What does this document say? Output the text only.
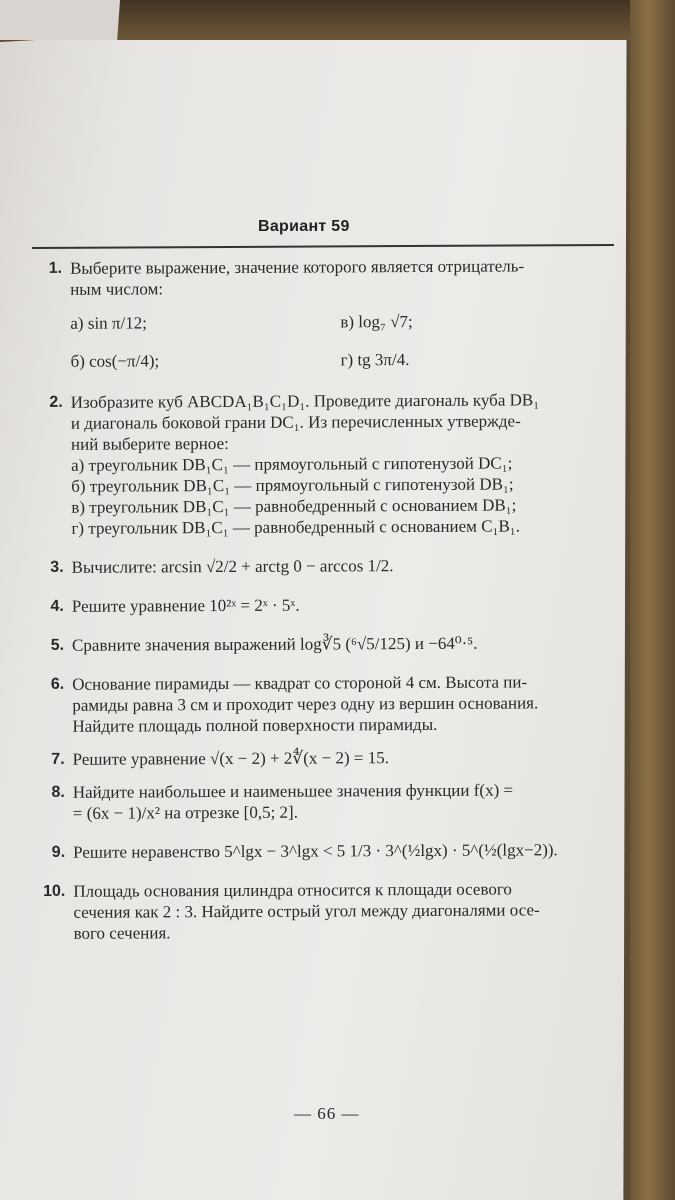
Вариант 59
1. Выберите выражение, значение которого является отрицатель-
ным числом:
а) sin π/12;	в) log₇ √7;
б) cos(−π/4);	г) tg 3π/4.
2. Изобразите куб ABCDA₁B₁C₁D₁. Проведите диагональ куба DB₁
и диагональ боковой грани DC₁. Из перечисленных утвержде-
ний выберите верное:
а) треугольник DB₁C₁ — прямоугольный с гипотенузой DC₁;
б) треугольник DB₁C₁ — прямоугольный с гипотенузой DB₁;
в) треугольник DB₁C₁ — равнобедренный с основанием DB₁;
г) треугольник DB₁C₁ — равнобедренный с основанием C₁B₁.
3. Вычислите: arcsin √2/2 + arctg 0 − arccos 1/2.
4. Решите уравнение 10²ˣ = 2ˣ · 5ˣ.
5. Сравните значения выражений log∛5 (⁶√5/125) и −64⁰·⁵.
6. Основание пирамиды — квадрат со стороной 4 см. Высота пи-
рамиды равна 3 см и проходит через одну из вершин основания.
Найдите площадь полной поверхности пирамиды.
7. Решите уравнение √(x − 2) + 2∜(x − 2) = 15.
8. Найдите наибольшее и наименьшее значения функции f(x) =
= (6x − 1)/x² на отрезке [0,5; 2].
9. Решите неравенство 5^lgx − 3^lgx < 5 1/3 · 3^(½lgx) · 5^(½(lgx−2)).
10. Площадь основания цилиндра относится к площади осевого
сечения как 2 : 3. Найдите острый угол между диагоналями осе-
вого сечения.
— 66 —
